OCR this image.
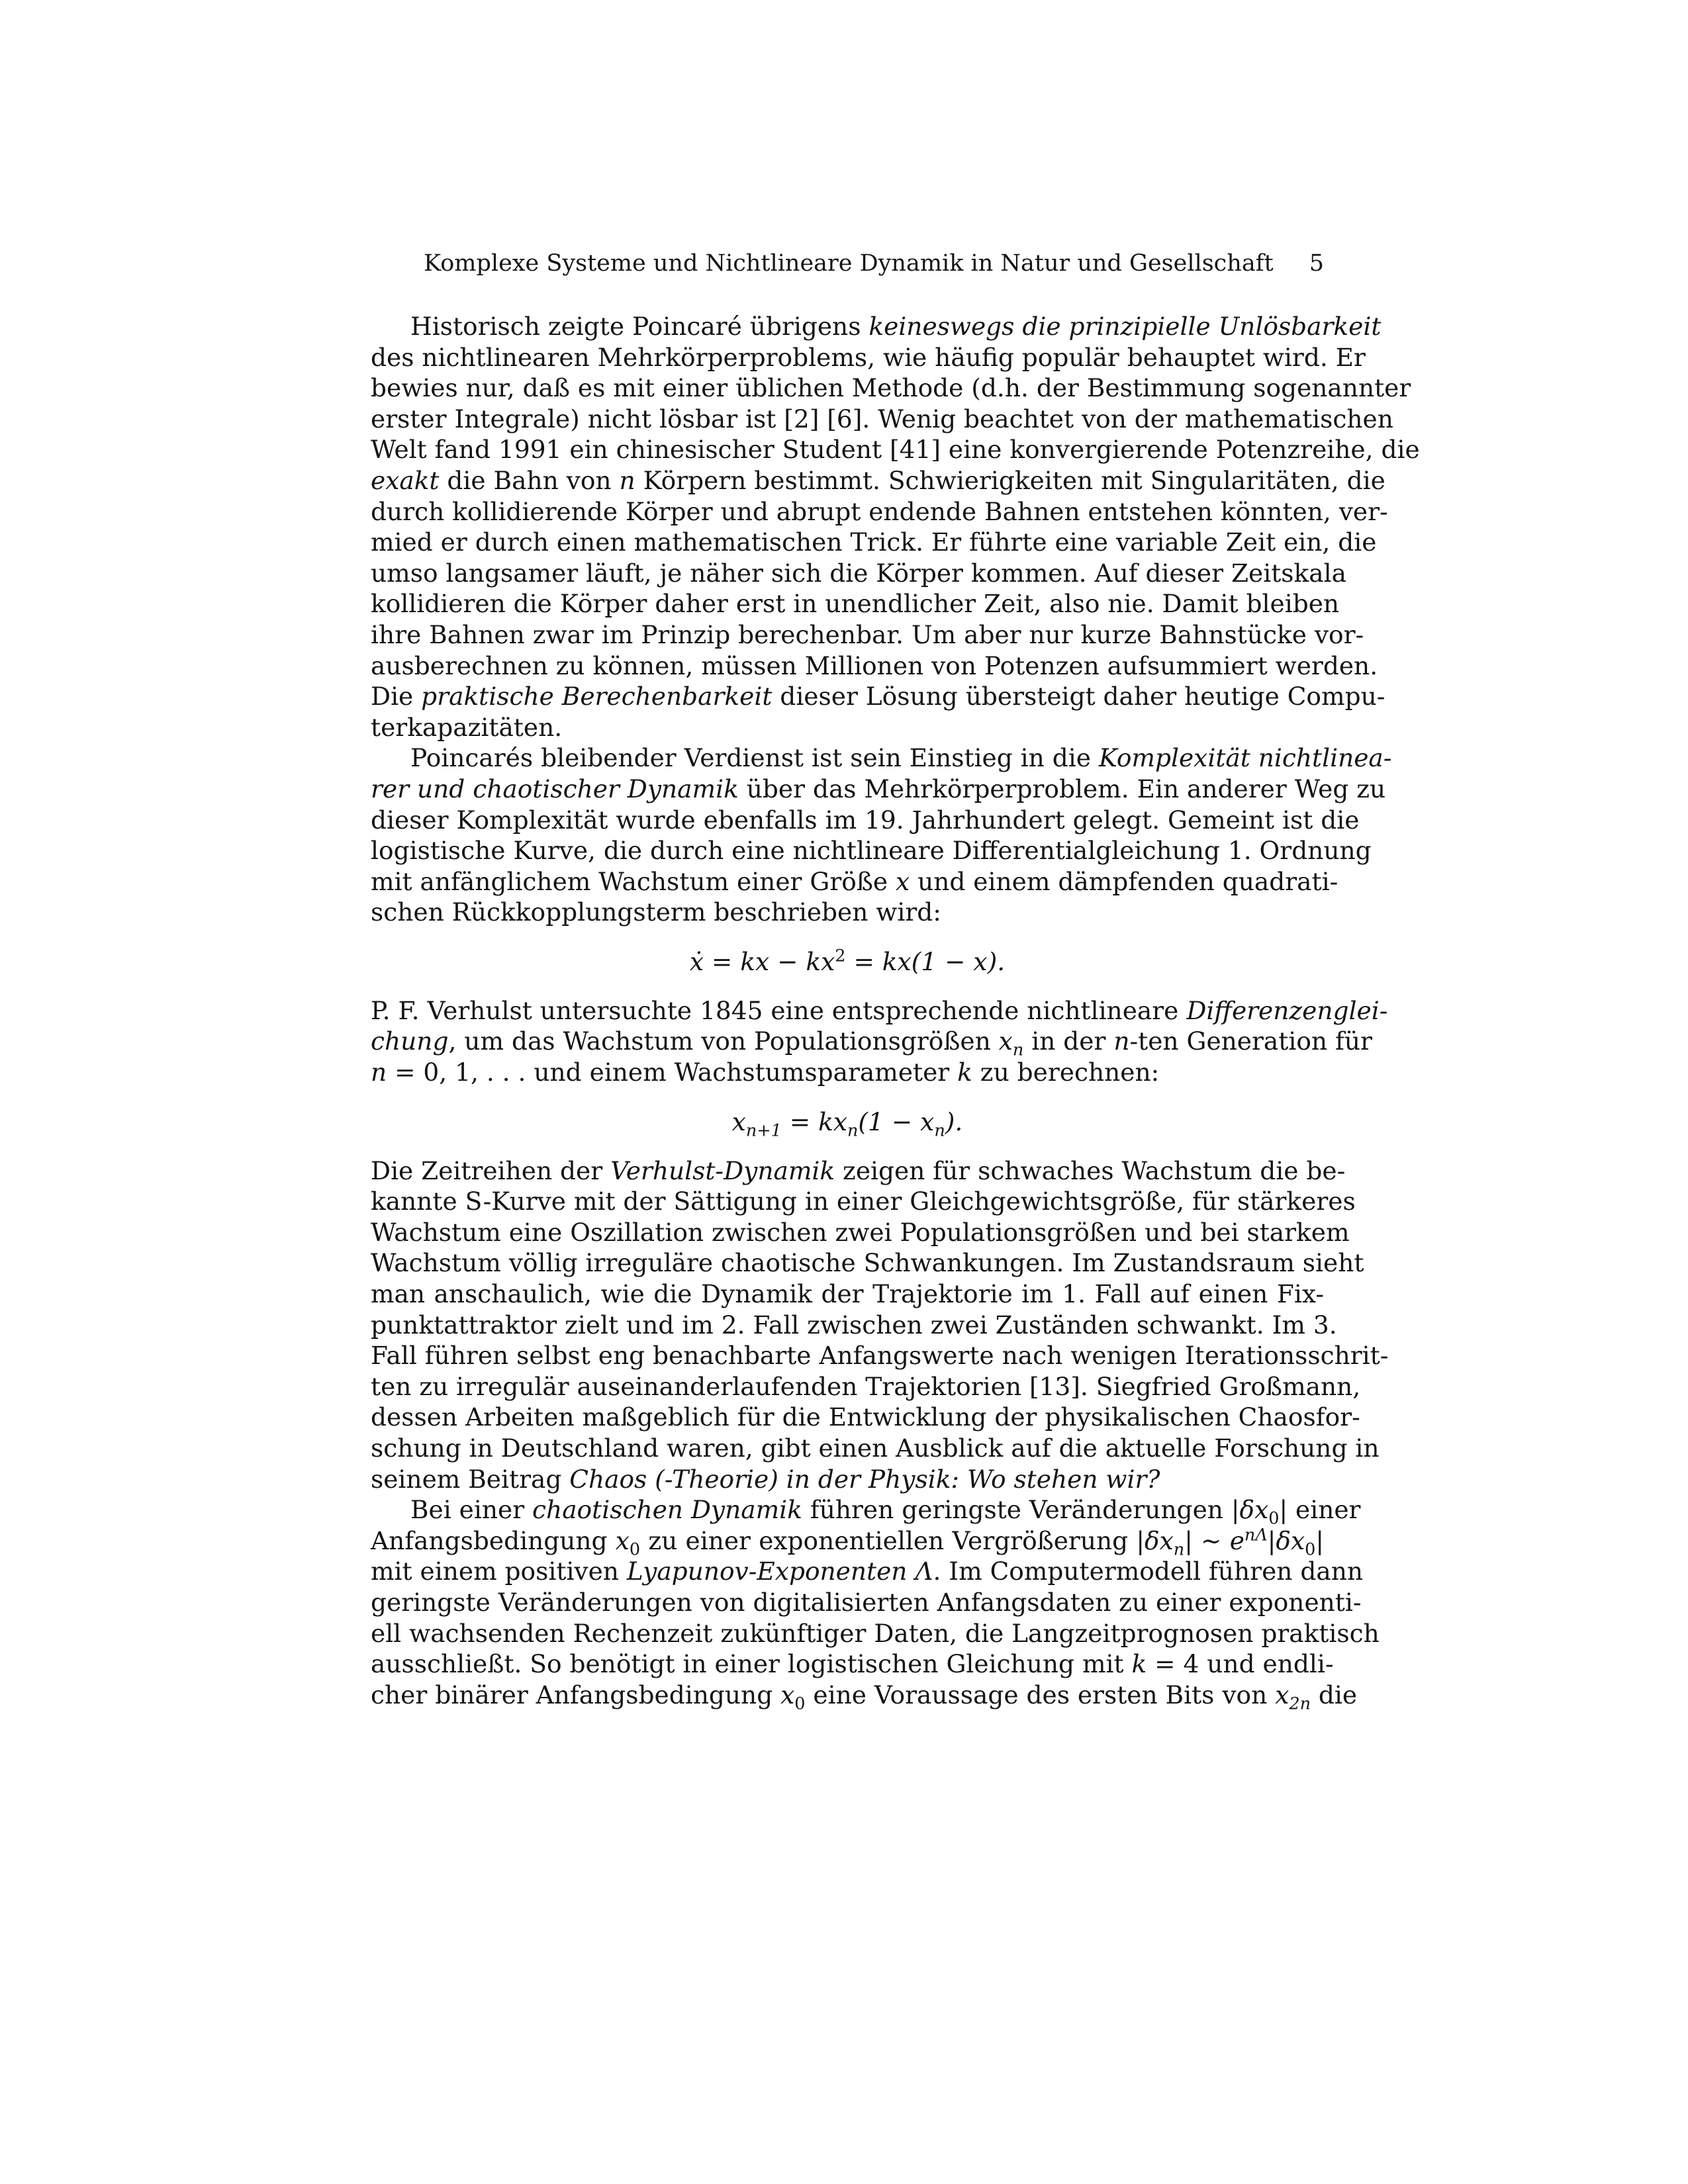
Komplexe Systeme und Nichtlineare Dynamik in Natur und Gesellschaft 5
Historisch zeigte Poincaré übrigens keineswegs die prinzipielle Unlösbarkeit
des nichtlinearen Mehrkörperproblems, wie häufig populär behauptet wird. Er
bewies nur, daß es mit einer üblichen Methode (d.h. der Bestimmung sogenannter
erster Integrale) nicht lösbar ist [2] [6]. Wenig beachtet von der mathematischen
Welt fand 1991 ein chinesischer Student [41] eine konvergierende Potenzreihe, die
exakt die Bahn von n Körpern bestimmt. Schwierigkeiten mit Singularitäten, die
durch kollidierende Körper und abrupt endende Bahnen entstehen könnten, ver-
mied er durch einen mathematischen Trick. Er führte eine variable Zeit ein, die
umso langsamer läuft, je näher sich die Körper kommen. Auf dieser Zeitskala
kollidieren die Körper daher erst in unendlicher Zeit, also nie. Damit bleiben
ihre Bahnen zwar im Prinzip berechenbar. Um aber nur kurze Bahnstücke vor-
ausberechnen zu können, müssen Millionen von Potenzen aufsummiert werden.
Die praktische Berechenbarkeit dieser Lösung übersteigt daher heutige Compu-
terkapazitäten.
Poincarés bleibender Verdienst ist sein Einstieg in die Komplexität nichtlinea-
rer und chaotischer Dynamik über das Mehrkörperproblem. Ein anderer Weg zu
dieser Komplexität wurde ebenfalls im 19. Jahrhundert gelegt. Gemeint ist die
logistische Kurve, die durch eine nichtlineare Differentialgleichung 1. Ordnung
mit anfänglichem Wachstum einer Größe x und einem dämpfenden quadrati-
schen Rückkopplungsterm beschrieben wird:
ẋ = kx − $kx^2 = kx(1 - x)$.
P. F. Verhulst untersuchte 1845 eine entsprechende nichtlineare Differenzenglei-
chung, um das Wachstum von Populationsgrößen $x_n$ in der n-ten Generation für
n = 0, 1, . . . und einem Wachstumsparameter k zu berechnen:
$x_{n+1} = kx_n(1 - x_n)$.
Die Zeitreihen der Verhulst-Dynamik zeigen für schwaches Wachstum die be-
kannte S-Kurve mit der Sättigung in einer Gleichgewichtsgröße, für stärkeres
Wachstum eine Oszillation zwischen zwei Populationsgrößen und bei starkem
Wachstum völlig irreguläre chaotische Schwankungen. Im Zustandsraum sieht
man anschaulich, wie die Dynamik der Trajektorie im 1. Fall auf einen Fix-
punktattraktor zielt und im 2. Fall zwischen zwei Zuständen schwankt. Im 3.
Fall führen selbst eng benachbarte Anfangswerte nach wenigen Iterationsschrit-
ten zu irregulär auseinanderlaufenden Trajektorien [13]. Siegfried Großmann,
dessen Arbeiten maßgeblich für die Entwicklung der physikalischen Chaosfor-
schung in Deutschland waren, gibt einen Ausblick auf die aktuelle Forschung in
seinem Beitrag Chaos (-Theorie) in der Physik: Wo stehen wir?
Bei einer chaotischen Dynamik führen geringste Veränderungen $|\delta x_0|$ einer
Anfangsbedingung $x_0$ zu einer exponentiellen Vergrößerung $|\delta x_n|$ ∼ $e^{n\Lambda}|\delta x_0|$
mit einem positiven Lyapunov-Exponenten Λ. Im Computermodell führen dann
geringste Veränderungen von digitalisierten Anfangsdaten zu einer exponenti-
ell wachsenden Rechenzeit zukünftiger Daten, die Langzeitprognosen praktisch
ausschließt. So benötigt in einer logistischen Gleichung mit k = 4 und endli-
cher binärer Anfangsbedingung $x_0$ eine Voraussage des ersten Bits von $x_{2n}$ die
